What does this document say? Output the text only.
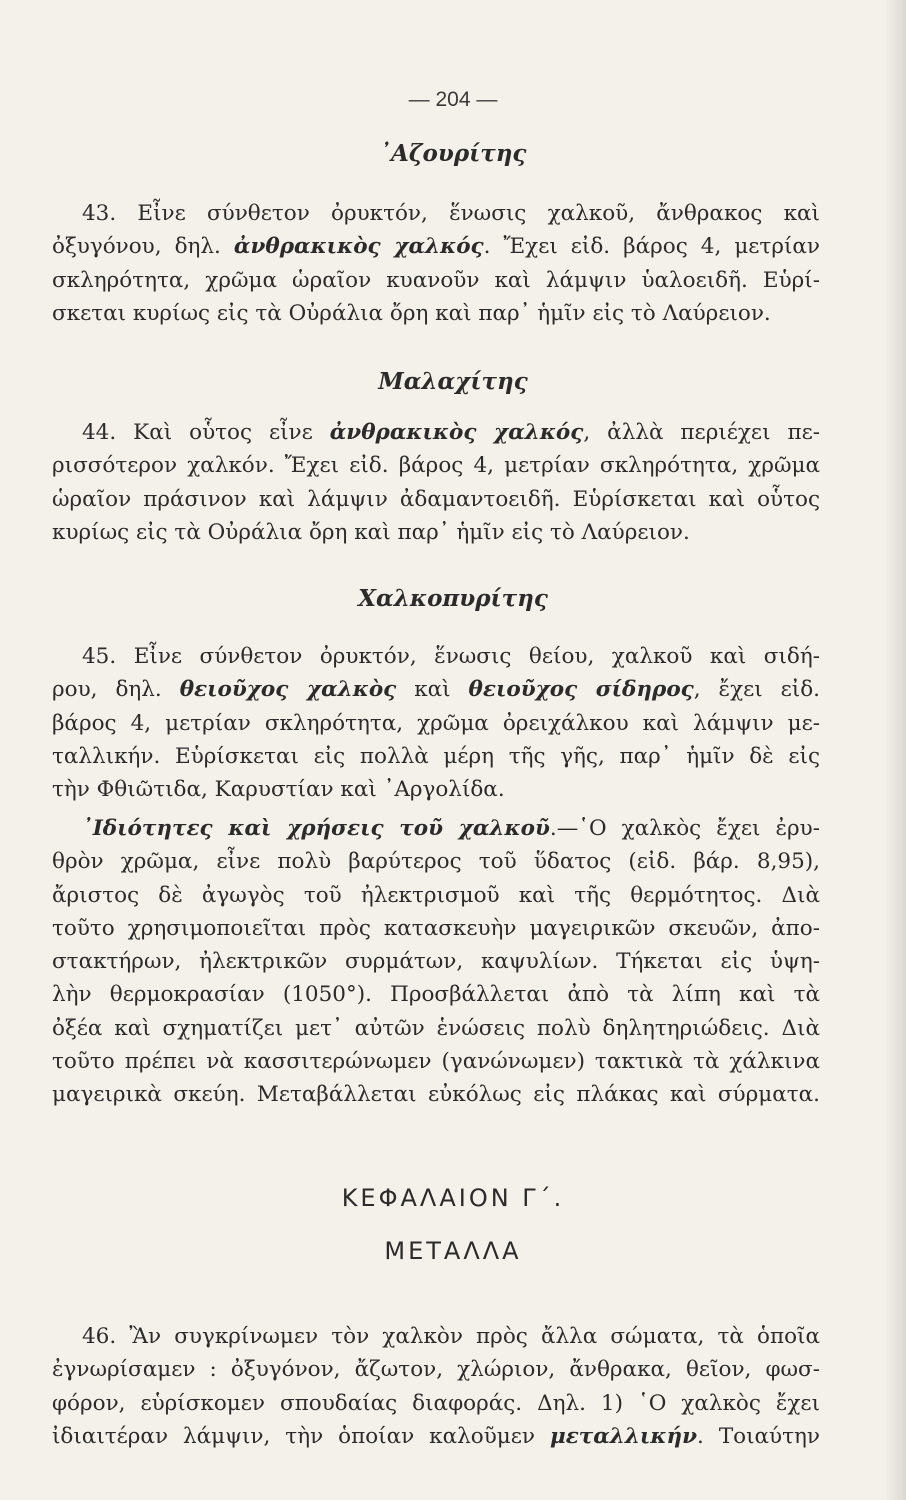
— 204 —
᾿Αζουρίτης
43. Εἶνε σύνθετον ὀρυκτόν, ἕνωσις χαλκοῦ, ἄνθρακος καὶ
ὀξυγόνου, δηλ. ἀνθρακικὸς χαλκός. Ἔχει εἰδ. βάρος 4, μετρίαν
σκληρότητα, χρῶμα ὡραῖον κυανοῦν καὶ λάμψιν ὑαλοειδῆ. Εὑρί-
σκεται κυρίως εἰς τὰ Οὐράλια ὄρη καὶ παρ᾿ ἡμῖν εἰς τὸ Λαύρειον.
Μαλαχίτης
44. Καὶ οὗτος εἶνε ἀνθρακικὸς χαλκός, ἀλλὰ περιέχει πε-
ρισσότερον χαλκόν. Ἔχει εἰδ. βάρος 4, μετρίαν σκληρότητα, χρῶμα
ὡραῖον πράσινον καὶ λάμψιν ἀδαμαντοειδῆ. Εὑρίσκεται καὶ οὗτος
κυρίως εἰς τὰ Οὐράλια ὄρη καὶ παρ᾿ ἡμῖν εἰς τὸ Λαύρειον.
Χαλκοπυρίτης
45. Εἶνε σύνθετον ὀρυκτόν, ἕνωσις θείου, χαλκοῦ καὶ σιδή-
ρου, δηλ. θειοῦχος χαλκὸς καὶ θειοῦχος σίδηρος, ἔχει εἰδ.
βάρος 4, μετρίαν σκληρότητα, χρῶμα ὀρειχάλκου καὶ λάμψιν με-
ταλλικήν. Εὑρίσκεται εἰς πολλὰ μέρη τῆς γῆς, παρ᾿ ἡμῖν δὲ εἰς
τὴν Φθιῶτιδα, Καρυστίαν καὶ ᾿Αργολίδα.
᾿Ιδιότητες καὶ χρήσεις τοῦ χαλκοῦ.—῾Ο χαλκὸς ἔχει ἐρυ-
θρὸν χρῶμα, εἶνε πολὺ βαρύτερος τοῦ ὕδατος (εἰδ. βάρ. 8,95),
ἄριστος δὲ ἀγωγὸς τοῦ ἠλεκτρισμοῦ καὶ τῆς θερμότητος. Διὰ
τοῦτο χρησιμοποιεῖται πρὸς κατασκευὴν μαγειρικῶν σκευῶν, ἀπο-
στακτήρων, ἠλεκτρικῶν συρμάτων, καψυλίων. Τήκεται εἰς ὑψη-
λὴν θερμοκρασίαν (1050°). Προσβάλλεται ἀπὸ τὰ λίπη καὶ τὰ
ὀξέα καὶ σχηματίζει μετ᾿ αὐτῶν ἑνώσεις πολὺ δηλητηριώδεις. Διὰ
τοῦτο πρέπει νὰ κασσιτερώνωμεν (γανώνωμεν) τακτικὰ τὰ χάλκινα
μαγειρικὰ σκεύη. Μεταβάλλεται εὐκόλως εἰς πλάκας καὶ σύρματα.
ΚΕΦΑΛΑΙΟΝ Γ΄.
ΜΕΤΑΛΛΑ
46. Ἂν συγκρίνωμεν τὸν χαλκὸν πρὸς ἄλλα σώματα, τὰ ὁποῖα
ἐγνωρίσαμεν : ὀξυγόνον, ἄζωτον, χλώριον, ἄνθρακα, θεῖον, φωσ-
φόρον, εὑρίσκομεν σπουδαίας διαφοράς. Δηλ. 1) ῾Ο χαλκὸς ἔχει
ἰδιαιτέραν λάμψιν, τὴν ὁποίαν καλοῦμεν μεταλλικήν. Τοιαύτην
